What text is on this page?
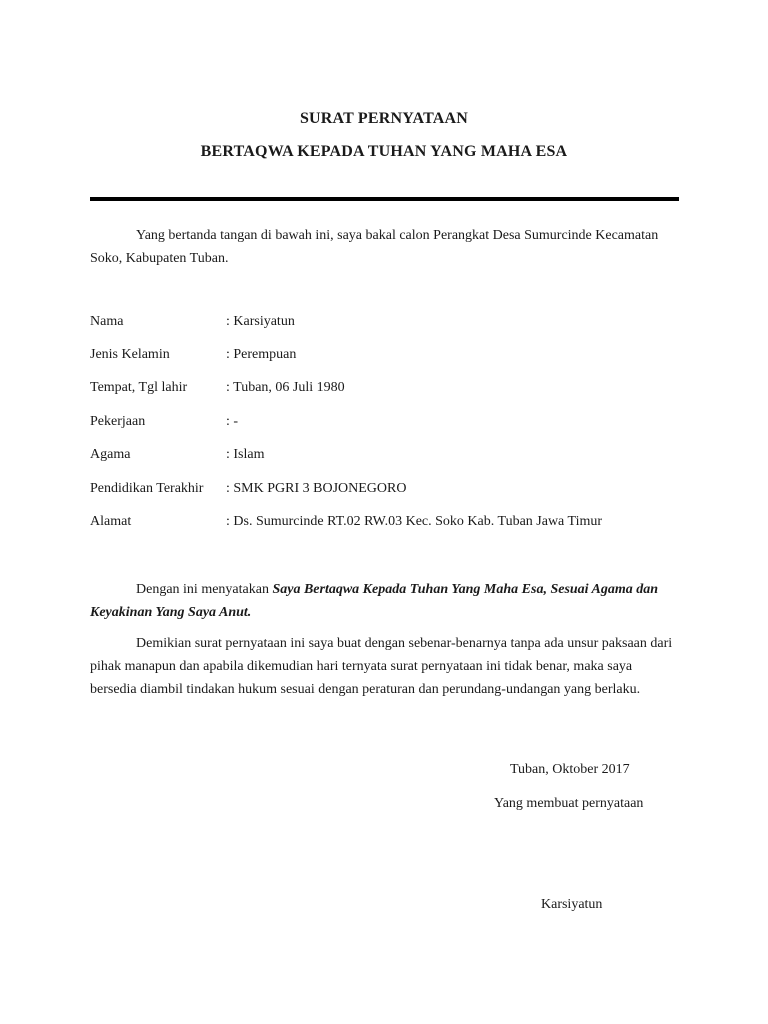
SURAT PERNYATAAN
BERTAQWA KEPADA TUHAN YANG MAHA ESA
Yang bertanda tangan di bawah ini, saya bakal calon Perangkat Desa Sumurcinde Kecamatan Soko, Kabupaten Tuban.
Nama	: Karsiyatun
Jenis Kelamin	: Perempuan
Tempat, Tgl lahir	: Tuban, 06 Juli 1980
Pekerjaan	: -
Agama	: Islam
Pendidikan Terakhir	: SMK PGRI 3 BOJONEGORO
Alamat	: Ds. Sumurcinde RT.02 RW.03 Kec. Soko Kab. Tuban Jawa Timur
Dengan ini menyatakan Saya Bertaqwa Kepada Tuhan Yang Maha Esa, Sesuai Agama dan Keyakinan Yang Saya Anut.
Demikian surat pernyataan ini saya buat dengan sebenar-benarnya tanpa ada unsur paksaan dari pihak manapun dan apabila dikemudian hari ternyata surat pernyataan ini tidak benar, maka saya bersedia diambil tindakan hukum sesuai dengan peraturan dan perundang-undangan yang berlaku.
Tuban, Oktober 2017
Yang membuat pernyataan
Karsiyatun
